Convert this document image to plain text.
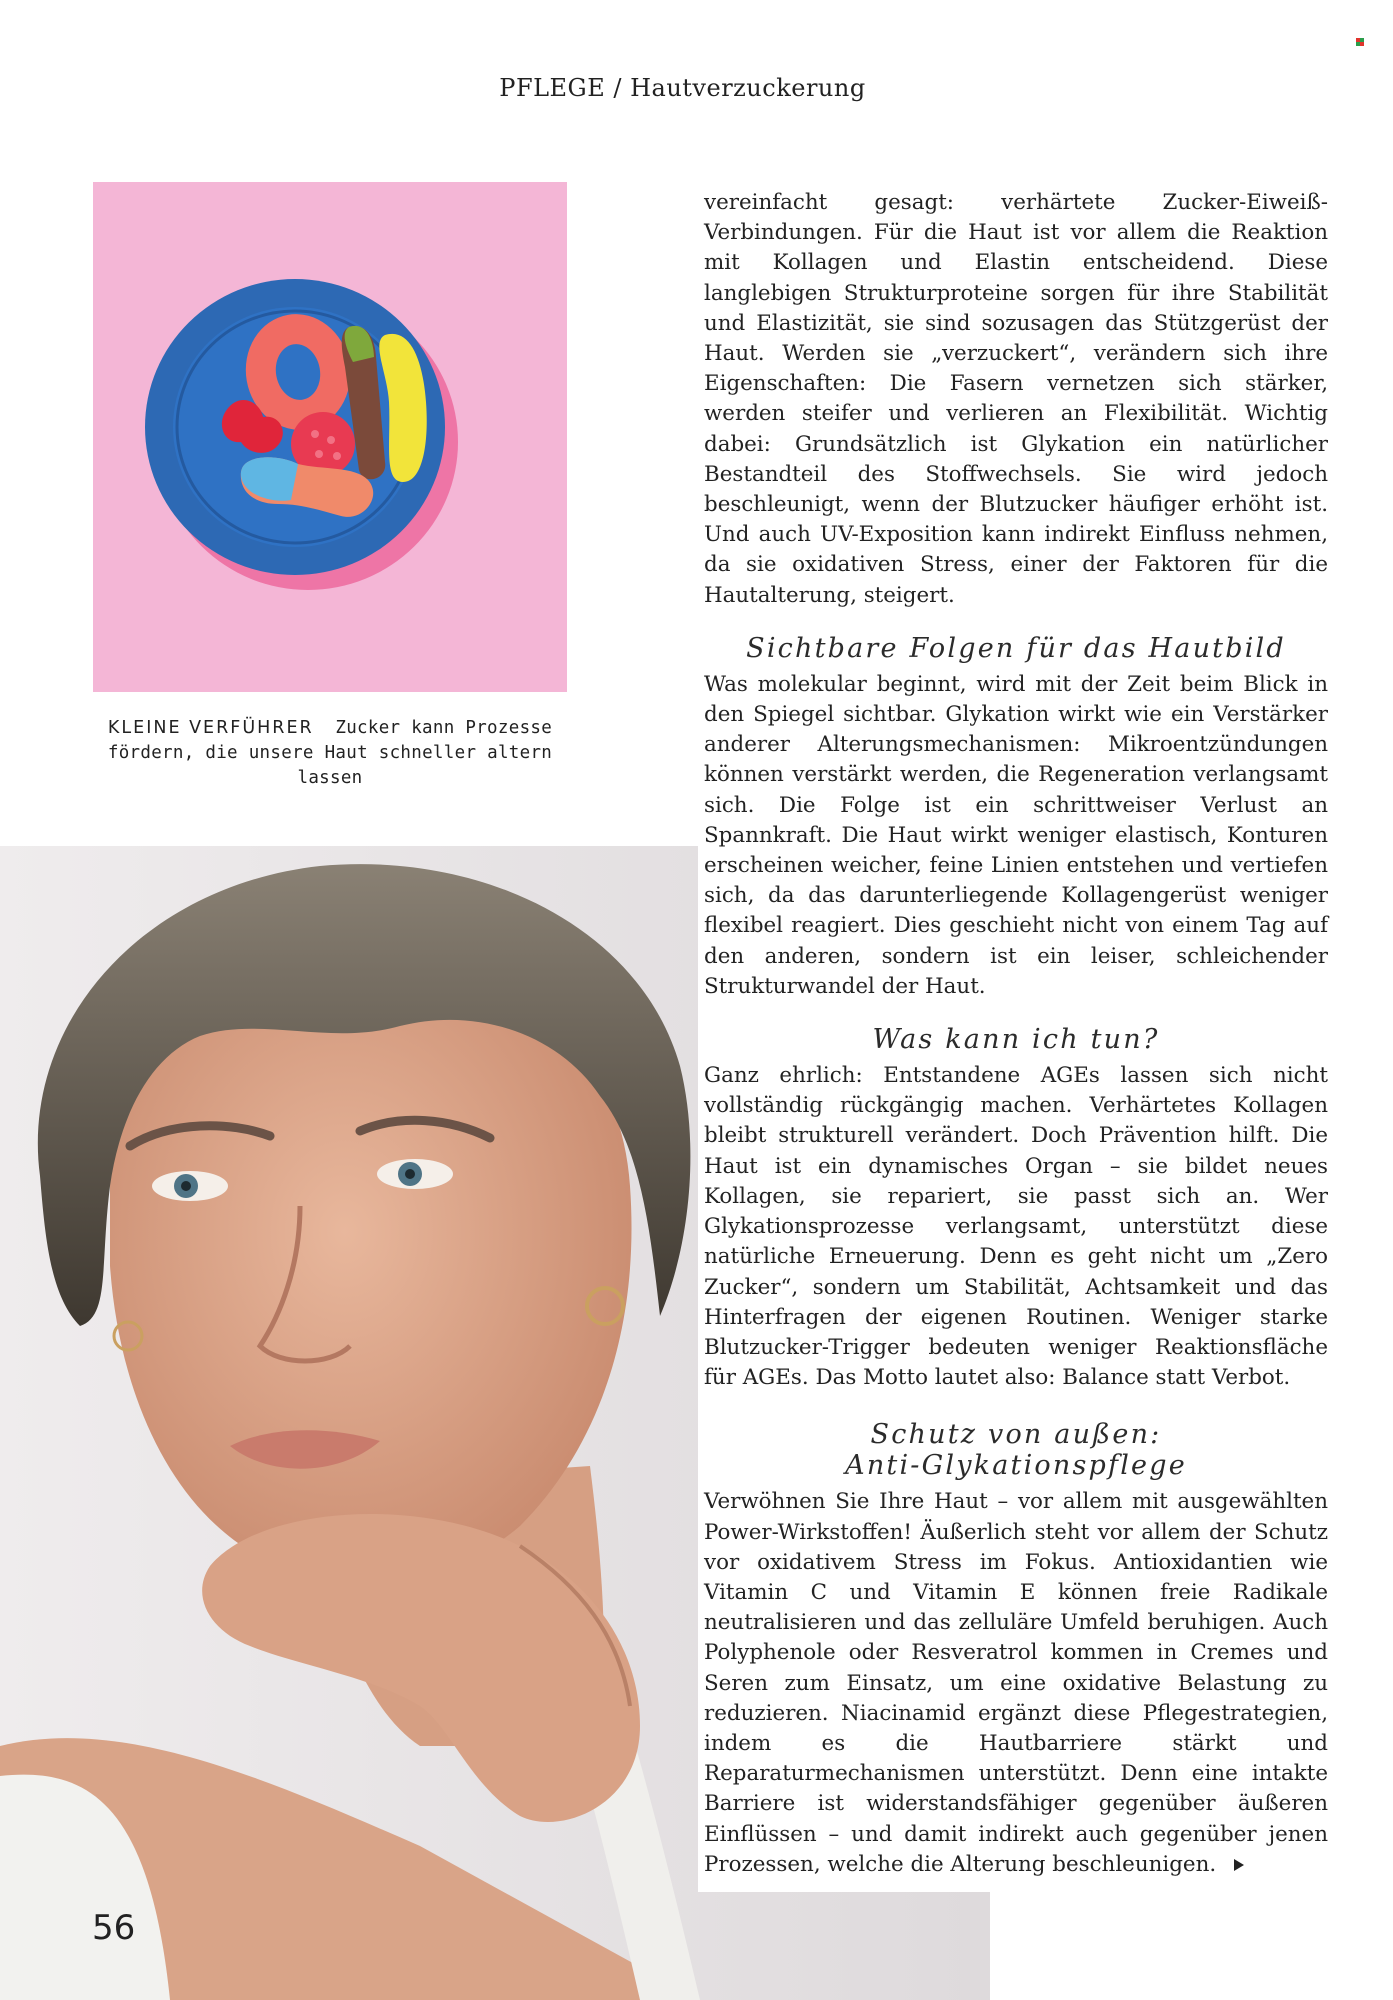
PFLEGE / Hautverzuckerung
KLEINE VERFÜHRER Zucker kann Prozesse
fördern, die unsere Haut schneller altern lassen

vereinfacht gesagt: verhärtete Zucker-Eiweiß-Verbindungen. Für die Haut ist vor allem die Reaktion mit Kollagen und Elastin entscheidend. Diese langlebigen Strukturproteine sorgen für ihre Stabilität und Elastizität, sie sind sozusagen das Stützgerüst der Haut. Werden sie „verzuckert“, verändern sich ihre Eigenschaften: Die Fasern vernetzen sich stärker, werden steifer und verlieren an Flexibilität. Wichtig dabei: Grundsätzlich ist Glykation ein natürlicher Bestandteil des Stoffwechsels. Sie wird jedoch beschleunigt, wenn der Blutzucker häufiger erhöht ist. Und auch UV-Exposition kann indirekt Einfluss nehmen, da sie oxidativen Stress, einer der Faktoren für die Hautalterung, steigert.

Sichtbare Folgen für das Hautbild

Was molekular beginnt, wird mit der Zeit beim Blick in den Spiegel sichtbar. Glykation wirkt wie ein Verstärker anderer Alterungsmechanismen: Mikroentzündungen können verstärkt werden, die Regeneration verlangsamt sich. Die Folge ist ein schrittweiser Verlust an Spannkraft. Die Haut wirkt weniger elastisch, Konturen erscheinen weicher, feine Linien entstehen und vertiefen sich, da das darunterliegende Kollagengerüst weniger flexibel reagiert. Dies geschieht nicht von einem Tag auf den anderen, sondern ist ein leiser, schleichender Strukturwandel der Haut.

Was kann ich tun?

Ganz ehrlich: Entstandene AGEs lassen sich nicht vollständig rückgängig machen. Verhärtetes Kollagen bleibt strukturell verändert. Doch Prävention hilft. Die Haut ist ein dynamisches Organ – sie bildet neues Kollagen, sie repariert, sie passt sich an. Wer Glykationsprozesse verlangsamt, unterstützt diese natürliche Erneuerung. Denn es geht nicht um „Zero Zucker“, sondern um Stabilität, Achtsamkeit und das Hinterfragen der eigenen Routinen. Weniger starke Blutzucker-Trigger bedeuten weniger Reaktionsfläche für AGEs. Das Motto lautet also: Balance statt Verbot.

Schutz von außen:
Anti-Glykationspflege

Verwöhnen Sie Ihre Haut – vor allem mit ausgewählten Power-Wirkstoffen! Äußerlich steht vor allem der Schutz vor oxidativem Stress im Fokus. Antioxidantien wie Vitamin C und Vitamin E können freie Radikale neutralisieren und das zelluläre Umfeld beruhigen. Auch Polyphenole oder Resveratrol kommen in Cremes und Seren zum Einsatz, um eine oxidative Belastung zu reduzieren. Niacinamid ergänzt diese Pflegestrategien, indem es die Hautbarriere stärkt und Reparaturmechanismen unterstützt. Denn eine intakte Barriere ist widerstandsfähiger gegenüber äußeren Einflüssen – und damit indirekt auch gegenüber jenen Prozessen, welche die Alterung beschleunigen.

56
